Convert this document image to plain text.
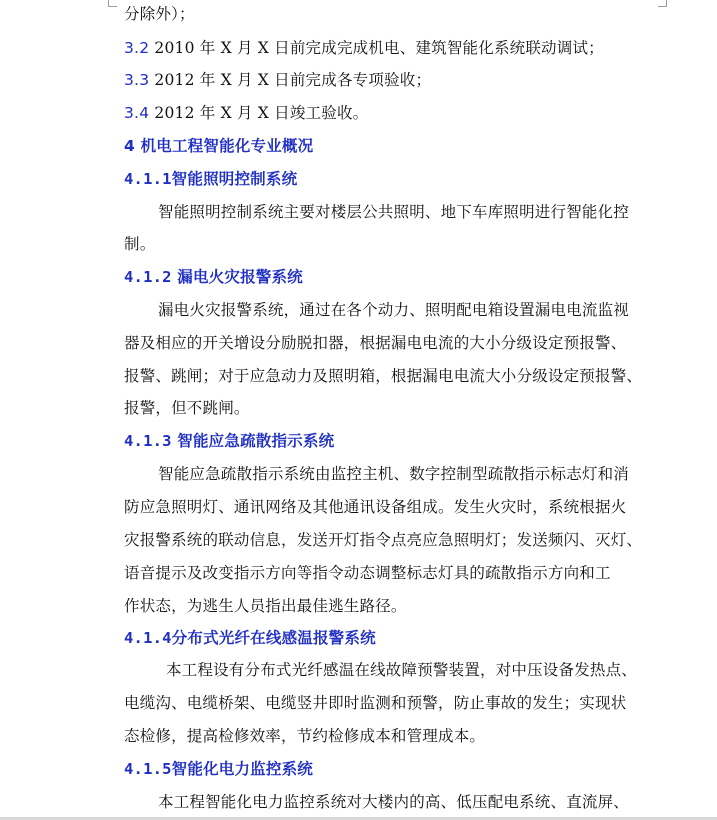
分除外）；
3.2 2010 年 X 月 X 日前完成完成机电、建筑智能化系统联动调试；
3.3 2012 年 X 月 X 日前完成各专项验收；
3.4 2012 年 X 月 X 日竣工验收。
4 机电工程智能化专业概况
4.1.1智能照明控制系统
智能照明控制系统主要对楼层公共照明、地下车库照明进行智能化控
制。
4.1.2 漏电火灾报警系统
漏电火灾报警系统，通过在各个动力、照明配电箱设置漏电电流监视
器及相应的开关增设分励脱扣器，根据漏电电流的大小分级设定预报警、
报警、跳闸；对于应急动力及照明箱，根据漏电电流大小分级设定预报警、
报警，但不跳闸。
4.1.3 智能应急疏散指示系统
智能应急疏散指示系统由监控主机、数字控制型疏散指示标志灯和消
防应急照明灯、通讯网络及其他通讯设备组成。发生火灾时，系统根据火
灾报警系统的联动信息，发送开灯指令点亮应急照明灯；发送频闪、灭灯、
语音提示及改变指示方向等指令动态调整标志灯具的疏散指示方向和工
作状态，为逃生人员指出最佳逃生路径。
4.1.4分布式光纤在线感温报警系统
本工程设有分布式光纤感温在线故障预警装置，对中压设备发热点、
电缆沟、电缆桥架、电缆竖井即时监测和预警，防止事故的发生；实现状
态检修，提高检修效率，节约检修成本和管理成本。
4.1.5智能化电力监控系统
本工程智能化电力监控系统对大楼内的高、低压配电系统、直流屏、
